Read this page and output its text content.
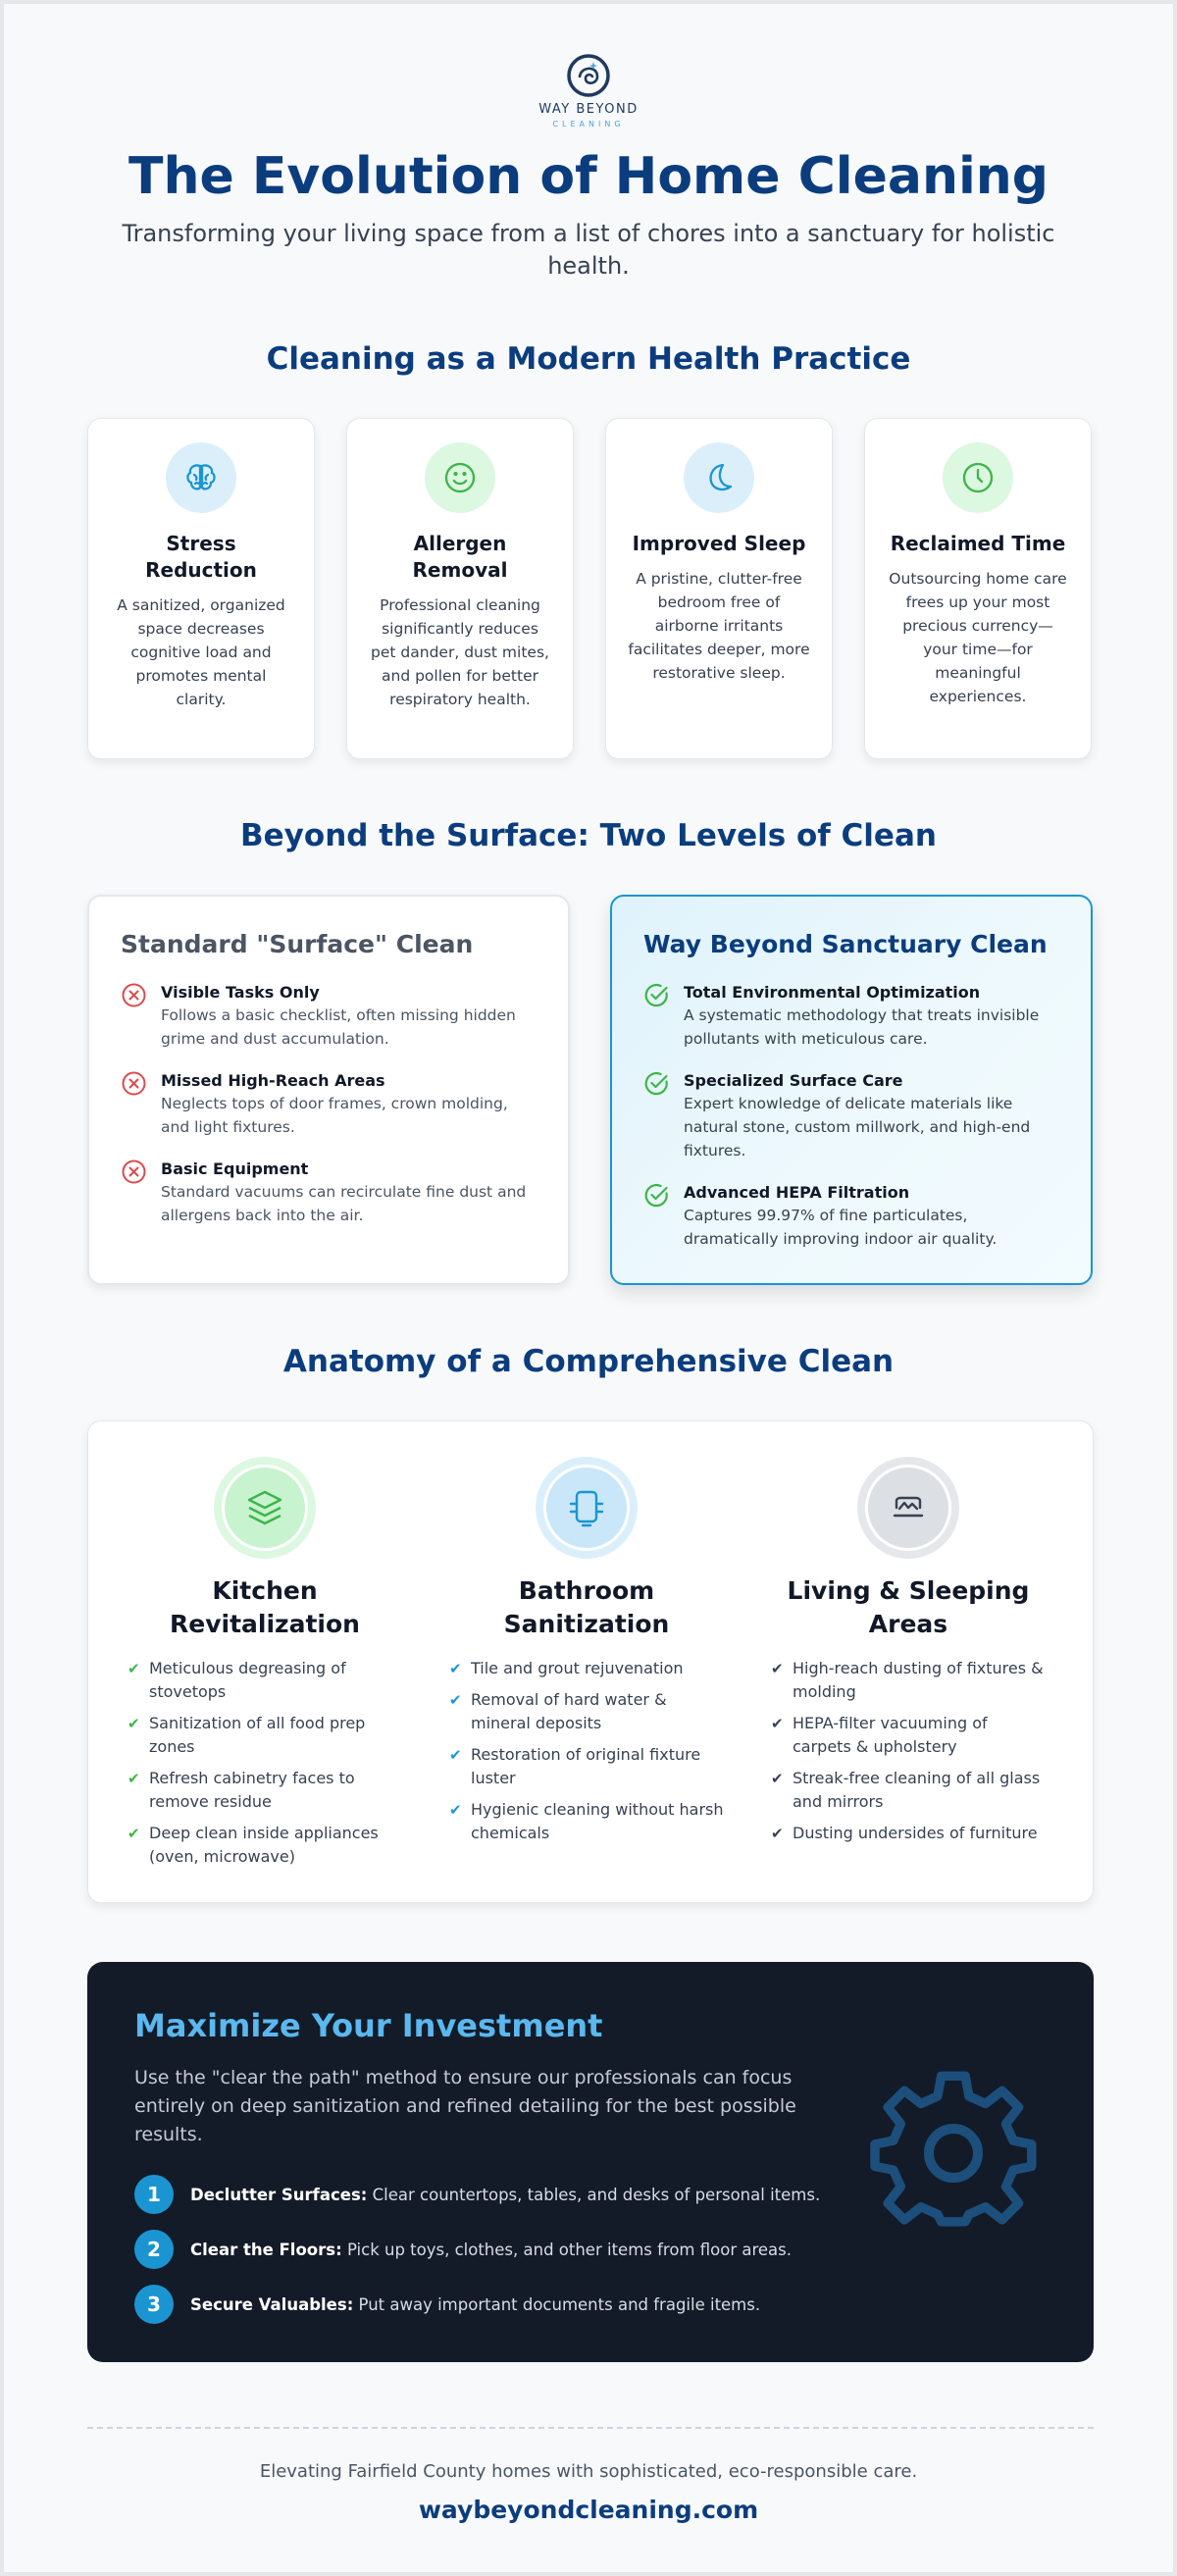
WAY BEYOND
CLEANING
The Evolution of Home Cleaning

Transforming your living space from a list of chores into a sanctuary for holistic health.

Cleaning as a Modern Health Practice
Stress Reduction
A sanitized, organized space decreases cognitive load and promotes mental clarity.
Allergen Removal
Professional cleaning significantly reduces pet dander, dust mites, and pollen for better respiratory health.
Improved Sleep
A pristine, clutter-free bedroom free of airborne irritants facilitates deeper, more restorative sleep.
Reclaimed Time
Outsourcing home care frees up your most precious currency—your time—for meaningful experiences.
Beyond the Surface: Two Levels of Clean
Standard "Surface" Clean
Visible Tasks Only
Follows a basic checklist, often missing hidden grime and dust accumulation.
Missed High-Reach Areas
Neglects tops of door frames, crown molding, and light fixtures.
Basic Equipment
Standard vacuums can recirculate fine dust and allergens back into the air.
Way Beyond Sanctuary Clean
Total Environmental Optimization
A systematic methodology that treats invisible pollutants with meticulous care.
Specialized Surface Care
Expert knowledge of delicate materials like natural stone, custom millwork, and high-end fixtures.
Advanced HEPA Filtration
Captures 99.97% of fine particulates, dramatically improving indoor air quality.
Anatomy of a Comprehensive Clean
Kitchen Revitalization
✔ Meticulous degreasing of stovetops
✔ Sanitization of all food prep zones
✔ Refresh cabinetry faces to remove residue
✔ Deep clean inside appliances (oven, microwave)
Bathroom Sanitization
✔ Tile and grout rejuvenation
✔ Removal of hard water & mineral deposits
✔ Restoration of original fixture luster
✔ Hygienic cleaning without harsh chemicals
Living & Sleeping Areas
✔ High-reach dusting of fixtures & molding
✔ HEPA-filter vacuuming of carpets & upholstery
✔ Streak-free cleaning of all glass and mirrors
✔ Dusting undersides of furniture
Maximize Your Investment
Use the "clear the path" method to ensure our professionals can focus entirely on deep sanitization and refined detailing for the best possible results.
1	Declutter Surfaces: Clear countertops, tables, and desks of personal items.
2	Clear the Floors: Pick up toys, clothes, and other items from floor areas.
3	Secure Valuables: Put away important documents and fragile items.
Elevating Fairfield County homes with sophisticated, eco-responsible care.
waybeyondcleaning.com
